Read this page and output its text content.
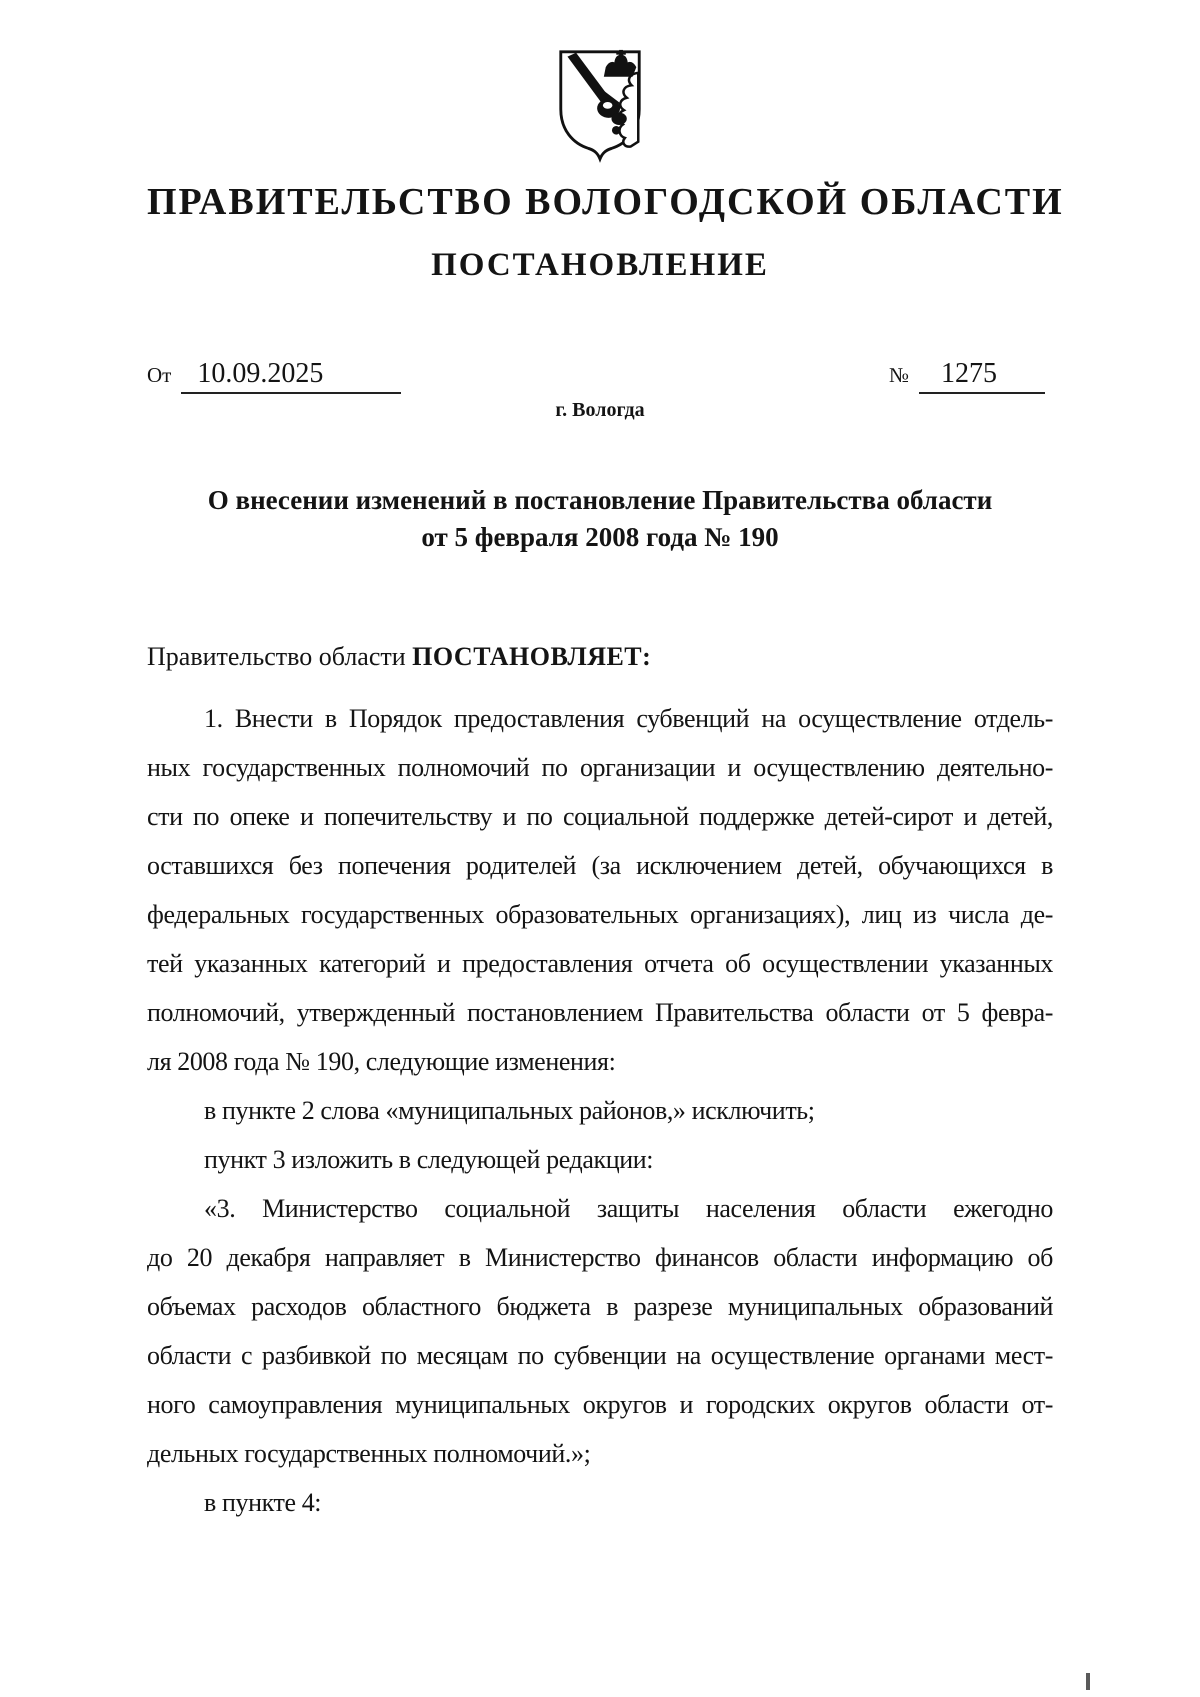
ПРАВИТЕЛЬСТВО ВОЛОГОДСКОЙ ОБЛАСТИ
ПОСТАНОВЛЕНИЕ
От 10.09.2025	№ 1275
г. Вологда
О внесении изменений в постановление Правительства области
от 5 февраля 2008 года № 190
Правительство области ПОСТАНОВЛЯЕТ:
1. Внести в Порядок предоставления субвенций на осуществление отдель-
ных государственных полномочий по организации и осуществлению деятельно-
сти по опеке и попечительству и по социальной поддержке детей-сирот и детей,
оставшихся без попечения родителей (за исключением детей, обучающихся в
федеральных государственных образовательных организациях), лиц из числа де-
тей указанных категорий и предоставления отчета об осуществлении указанных
полномочий, утвержденный постановлением Правительства области от 5 февра-
ля 2008 года № 190, следующие изменения:
в пункте 2 слова «муниципальных районов,» исключить;
пункт 3 изложить в следующей редакции:
«3. Министерство социальной защиты населения области ежегодно
до 20 декабря направляет в Министерство финансов области информацию об
объемах расходов областного бюджета в разрезе муниципальных образований
области с разбивкой по месяцам по субвенции на осуществление органами мест-
ного самоуправления муниципальных округов и городских округов области от-
дельных государственных полномочий.»;
в пункте 4:
